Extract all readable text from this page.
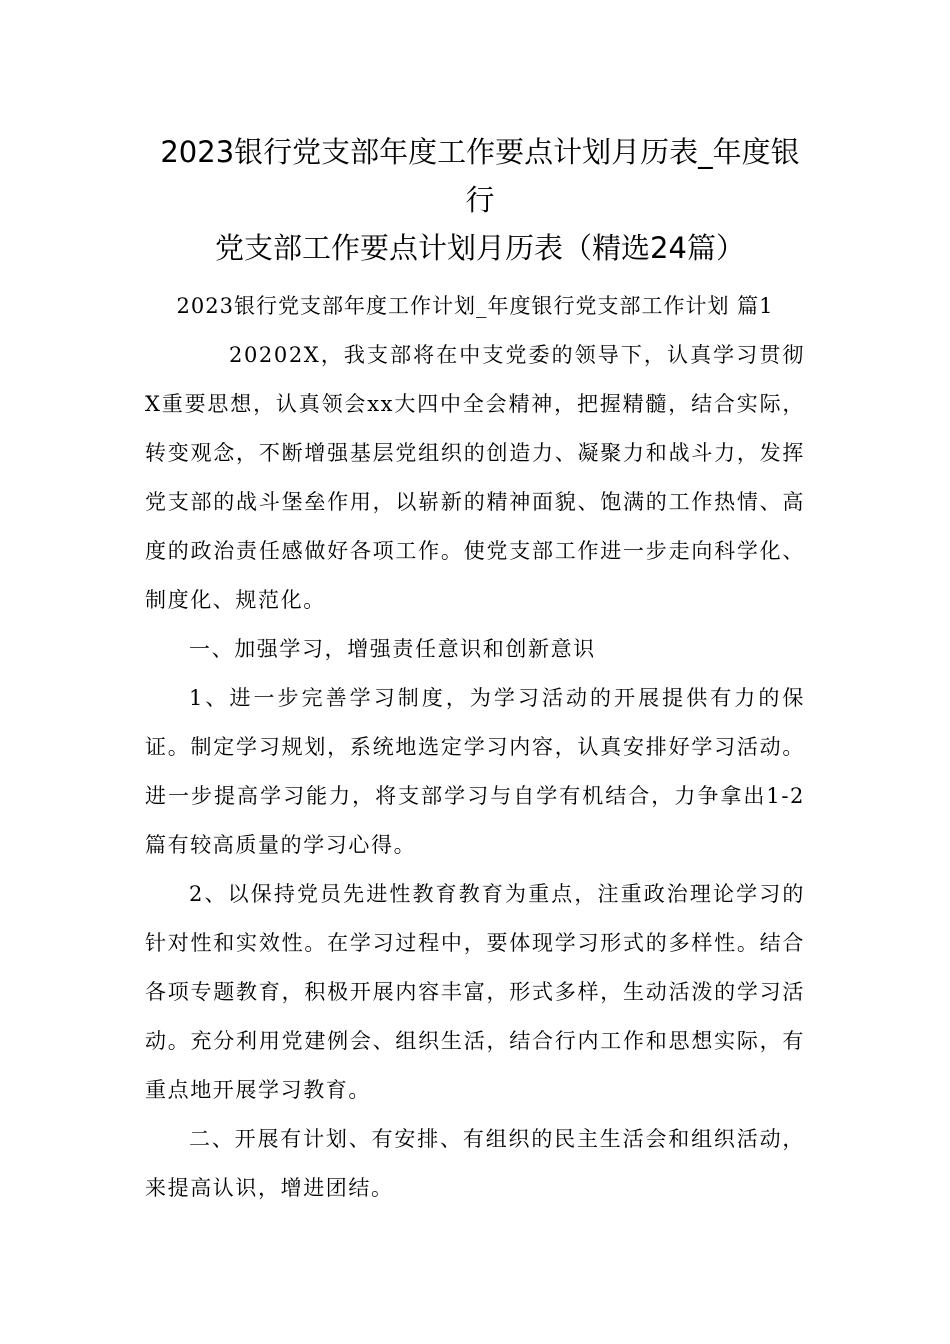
2023银行党支部年度工作要点计划月历表_年度银行
党支部工作要点计划月历表（精选24篇）

2023银行党支部年度工作计划_年度银行党支部工作计划 篇1

20202X，我支部将在中支党委的领导下，认真学习贯彻X重要思想，认真领会xx大四中全会精神，把握精髓，结合实际，转变观念，不断增强基层党组织的创造力、凝聚力和战斗力，发挥党支部的战斗堡垒作用，以崭新的精神面貌、饱满的工作热情、高度的政治责任感做好各项工作。使党支部工作进一步走向科学化、制度化、规范化。

一、加强学习，增强责任意识和创新意识

1、进一步完善学习制度，为学习活动的开展提供有力的保证。制定学习规划，系统地选定学习内容，认真安排好学习活动。进一步提高学习能力，将支部学习与自学有机结合，力争拿出1-2篇有较高质量的学习心得。

2、以保持党员先进性教育教育为重点，注重政治理论学习的针对性和实效性。在学习过程中，要体现学习形式的多样性。结合各项专题教育，积极开展内容丰富，形式多样，生动活泼的学习活动。充分利用党建例会、组织生活，结合行内工作和思想实际，有重点地开展学习教育。

二、开展有计划、有安排、有组织的民主生活会和组织活动，来提高认识，增进团结。
